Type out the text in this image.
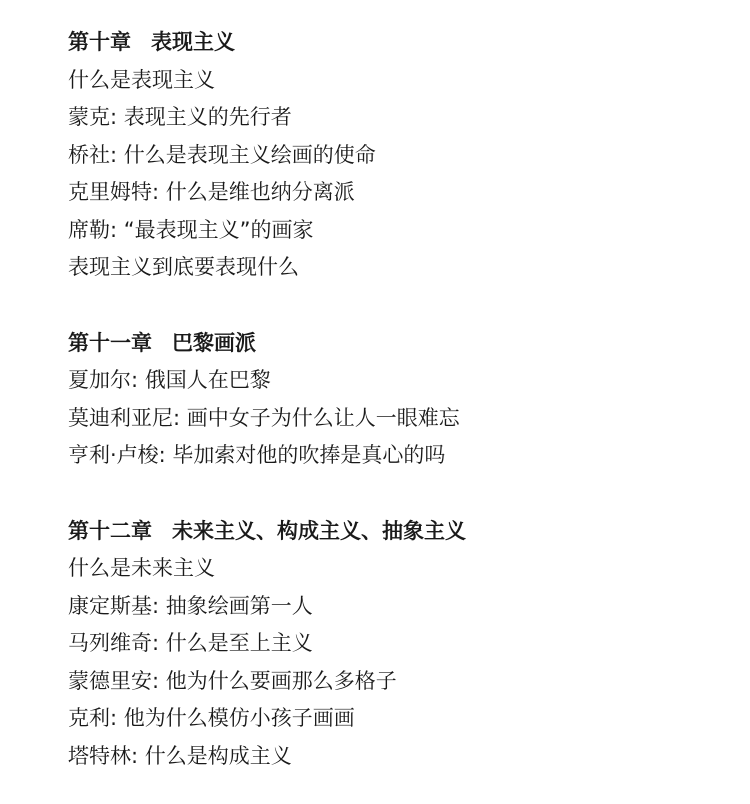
第十章 表现主义
什么是表现主义
蒙克: 表现主义的先行者
桥社: 什么是表现主义绘画的使命
克里姆特: 什么是维也纳分离派
席勒: “最表现主义”的画家
表现主义到底要表现什么
第十一章 巴黎画派
夏加尔: 俄国人在巴黎
莫迪利亚尼: 画中女子为什么让人一眼难忘
亨利·卢梭: 毕加索对他的吹捧是真心的吗
第十二章 未来主义、构成主义、抽象主义
什么是未来主义
康定斯基: 抽象绘画第一人
马列维奇: 什么是至上主义
蒙德里安: 他为什么要画那么多格子
克利: 他为什么模仿小孩子画画
塔特林: 什么是构成主义
